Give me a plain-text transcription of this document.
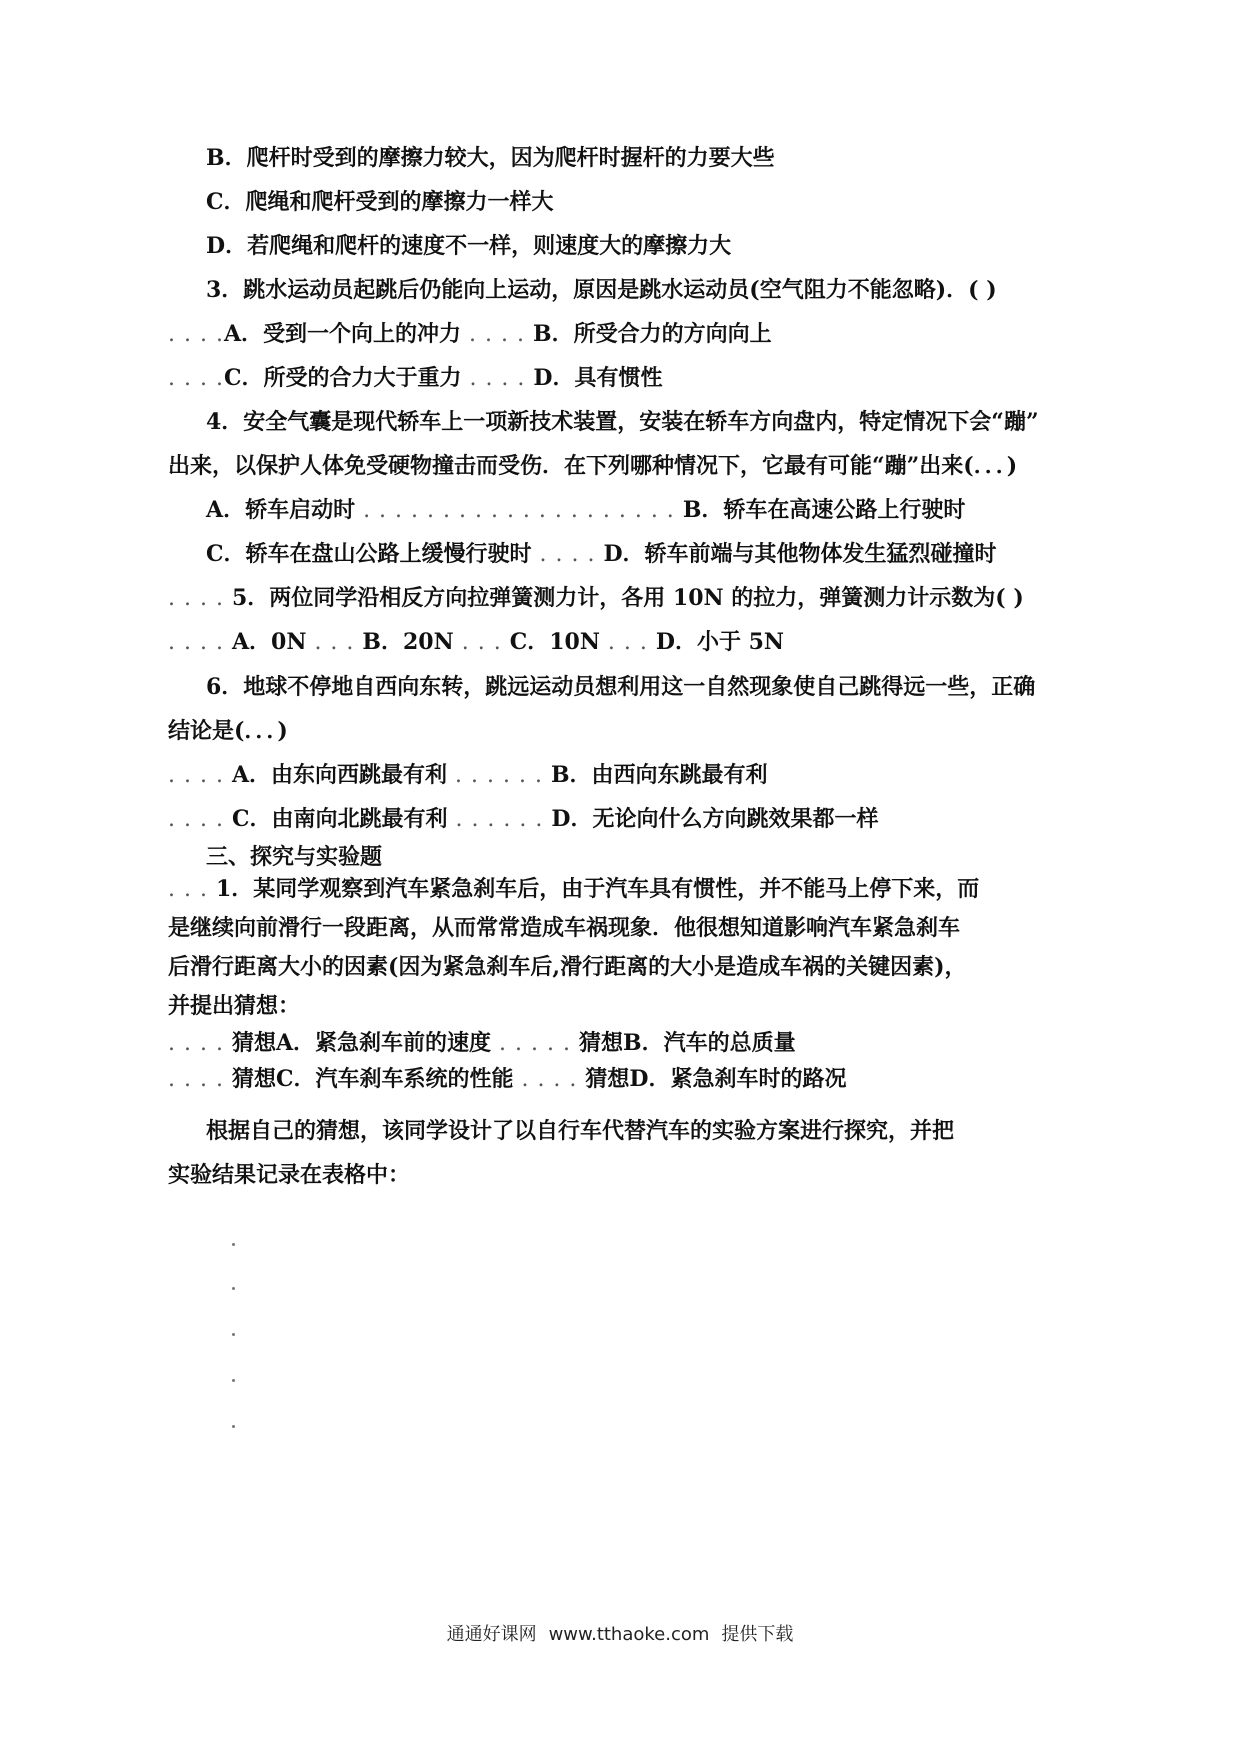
B．爬杆时受到的摩擦力较大，因为爬杆时握杆的力要大些
C．爬绳和爬杆受到的摩擦力一样大
D．若爬绳和爬杆的速度不一样，则速度大的摩擦力大
3．跳水运动员起跳后仍能向上运动，原因是跳水运动员(空气阻力不能忽略)．( )
. . . .A．受到一个向上的冲力 . . . . B．所受合力的方向向上
. . . .C．所受的合力大于重力 . . . . D．具有惯性
4．安全气囊是现代轿车上一项新技术装置，安装在轿车方向盘内，特定情况下会“蹦”
出来，以保护人体免受硬物撞击而受伤．在下列哪种情况下，它最有可能“蹦”出来(．．．)
A．轿车启动时 . . . . . . . . . . . . . . . . . . . . B．轿车在高速公路上行驶时
C．轿车在盘山公路上缓慢行驶时 . . . . D．轿车前端与其他物体发生猛烈碰撞时
. . . . 5．两位同学沿相反方向拉弹簧测力计，各用 10N 的拉力，弹簧测力计示数为( )
. . . . A．0N . . . B．20N . . . C．10N . . . D．小于 5N
6．地球不停地自西向东转，跳远运动员想利用这一自然现象使自己跳得远一些，正确
结论是(．．．)
. . . . A．由东向西跳最有利 . . . . . . B．由西向东跳最有利
. . . . C．由南向北跳最有利 . . . . . . D．无论向什么方向跳效果都一样
三、探究与实验题
. . . 1．某同学观察到汽车紧急刹车后，由于汽车具有惯性，并不能马上停下来，而
是继续向前滑行一段距离，从而常常造成车祸现象．他很想知道影响汽车紧急刹车
后滑行距离大小的因素(因为紧急刹车后,滑行距离的大小是造成车祸的关键因素)，
并提出猜想：
. . . . 猜想A．紧急刹车前的速度 . . . . . 猜想B．汽车的总质量
. . . . 猜想C．汽车刹车系统的性能 . . . . 猜想D．紧急刹车时的路况
根据自己的猜想，该同学设计了以自行车代替汽车的实验方案进行探究，并把
实验结果记录在表格中：
通通好课网 www.tthaoke.com 提供下载
